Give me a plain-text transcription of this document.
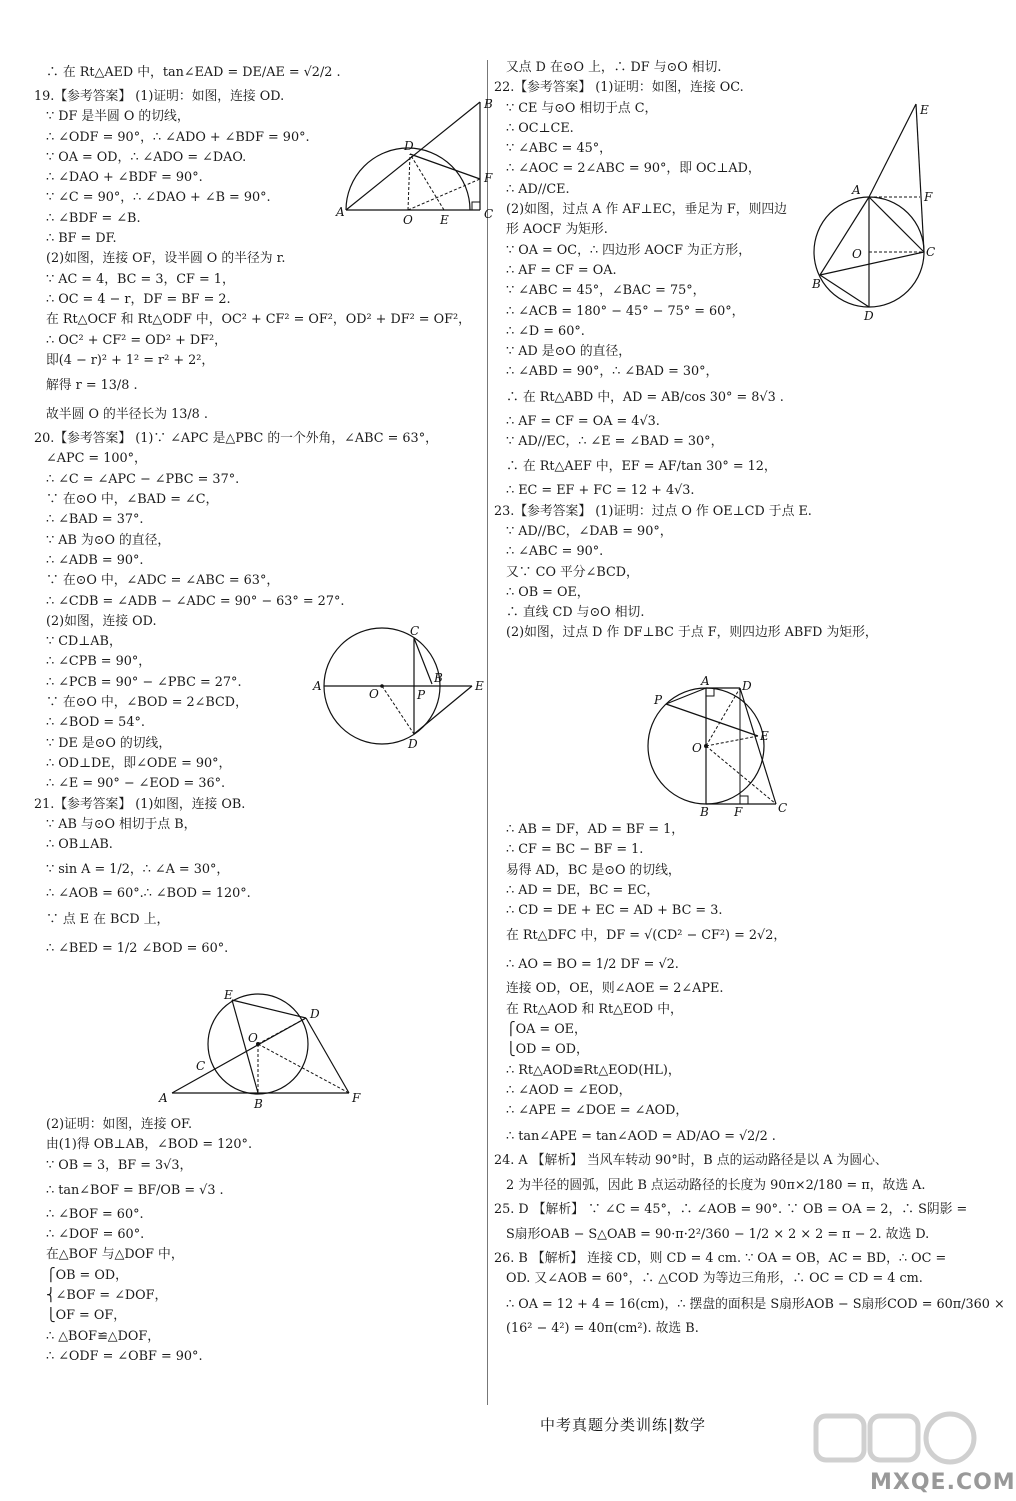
∴ 在 Rt△AED 中，tan∠EAD = DE/AE = √2/2 .
19.【参考答案】 (1)证明：如图，连接 OD.
∵ DF 是半圆 O 的切线，
∴ ∠ODF = 90°，∴ ∠ADO + ∠BDF = 90°.
∵ OA = OD，∴ ∠ADO = ∠DAO.
∴ ∠DAO + ∠BDF = 90°.
∵ ∠C = 90°，∴ ∠DAO + ∠B = 90°.
∴ ∠BDF = ∠B.
∴ BF = DF.
(2)如图，连接 OF，设半圆 O 的半径为 r.
∵ AC = 4，BC = 3，CF = 1，
∴ OC = 4 − r，DF = BF = 2.
在 Rt△OCF 和 Rt△ODF 中，OC² + CF² = OF²，OD² + DF² = OF²，
∴ OC² + CF² = OD² + DF²，
即(4 − r)² + 1² = r² + 2²，
解得 r = 13/8 .
故半圆 O 的半径长为 13/8 .
20.【参考答案】 (1)∵ ∠APC 是△PBC 的一个外角，∠ABC = 63°，
∠APC = 100°，
∴ ∠C = ∠APC − ∠PBC = 37°.
∵ 在⊙O 中，∠BAD = ∠C，
∴ ∠BAD = 37°.
∵ AB 为⊙O 的直径，
∴ ∠ADB = 90°.
∵ 在⊙O 中，∠ADC = ∠ABC = 63°，
∴ ∠CDB = ∠ADB − ∠ADC = 90° − 63° = 27°.
(2)如图，连接 OD.
∵ CD⊥AB，
∴ ∠CPB = 90°，
∴ ∠PCB = 90° − ∠PBC = 27°.
∵ 在⊙O 中，∠BOD = 2∠BCD，
∴ ∠BOD = 54°.
∵ DE 是⊙O 的切线，
∴ OD⊥DE，即∠ODE = 90°，
∴ ∠E = 90° − ∠EOD = 36°.
21.【参考答案】 (1)如图，连接 OB.
∵ AB 与⊙O 相切于点 B，
∴ OB⊥AB.
∵ sin A = 1/2，∴ ∠A = 30°，
∴ ∠AOB = 60°.∴ ∠BOD = 120°.
∵ 点 E 在 BCD 上，
∴ ∠BED = 1/2 ∠BOD = 60°.
A
B
C
D
E
F
O
A
B
C
D
E
O	P
A	B
C
D
E
F
O
(2)证明：如图，连接 OF.
由(1)得 OB⊥AB，∠BOD = 120°.
∵ OB = 3，BF = 3√3，
∴ tan∠BOF = BF/OB = √3 .
∴ ∠BOF = 60°.
∴ ∠DOF = 60°.
在△BOF 与△DOF 中，
⎧OB = OD，
⎨∠BOF = ∠DOF，
⎩OF = OF，
∴ △BOF≌△DOF，
∴ ∠ODF = ∠OBF = 90°.
又点 D 在⊙O 上，∴ DF 与⊙O 相切.
22.【参考答案】 (1)证明：如图，连接 OC.
∵ CE 与⊙O 相切于点 C，
∴ OC⊥CE.
∵ ∠ABC = 45°，
∴ ∠AOC = 2∠ABC = 90°，即 OC⊥AD，
∴ AD//CE.
(2)如图，过点 A 作 AF⊥EC，垂足为 F，则四边
形 AOCF 为矩形.
∵ OA = OC，∴ 四边形 AOCF 为正方形，
∴ AF = CF = OA.
∵ ∠ABC = 45°，∠BAC = 75°，
∴ ∠ACB = 180° − 45° − 75° = 60°，
∴ ∠D = 60°.
∵ AD 是⊙O 的直径，
∴ ∠ABD = 90°，∴ ∠BAD = 30°，
∴ 在 Rt△ABD 中，AD = AB/cos 30° = 8√3 .
∴ AF = CF = OA = 4√3.
∵ AD//EC，∴ ∠E = ∠BAD = 30°，
∴ 在 Rt△AEF 中，EF = AF/tan 30° = 12，
∴ EC = EF + FC = 12 + 4√3.
23.【参考答案】 (1)证明：过点 O 作 OE⊥CD 于点 E.
∵ AD//BC，∠DAB = 90°，
∴ ∠ABC = 90°.
又∵ CO 平分∠BCD，
∴ OB = OE，
∴ 直线 CD 与⊙O 相切.
(2)如图，过点 D 作 DF⊥BC 于点 F，则四边形 ABFD 为矩形，
E
A	F
O	C
B
D
A	D
P
E
O
B F	C
∴ AB = DF，AD = BF = 1，
∴ CF = BC − BF = 1.
易得 AD，BC 是⊙O 的切线，
∴ AD = DE，BC = EC，
∴ CD = DE + EC = AD + BC = 3.
在 Rt△DFC 中，DF = √(CD² − CF²) = 2√2，
∴ AO = BO = 1/2 DF = √2.
连接 OD，OE，则∠AOE = 2∠APE.
在 Rt△AOD 和 Rt△EOD 中，
⎧OA = OE，
⎩OD = OD，
∴ Rt△AOD≌Rt△EOD(HL)，
∴ ∠AOD = ∠EOD，
∴ ∠APE = ∠DOE = ∠AOD，
∴ tan∠APE = tan∠AOD = AD/AO = √2/2 .
24. A 【解析】 当风车转动 90°时，B 点的运动路径是以 A 为圆心、
2 为半径的圆弧，因此 B 点运动路径的长度为 90π×2/180 = π，故选 A.
25. D 【解析】 ∵ ∠C = 45°，∴ ∠AOB = 90°. ∵ OB = OA = 2，∴ S阴影 =
S扇形OAB − S△OAB = 90·π·2²/360 − 1/2 × 2 × 2 = π − 2. 故选 D.
26. B 【解析】 连接 CD，则 CD = 4 cm. ∵ OA = OB，AC = BD，∴ OC =
OD. 又∠AOB = 60°，∴ △COD 为等边三角形，∴ OC = CD = 4 cm.
∴ OA = 12 + 4 = 16(cm)，∴ 摆盘的面积是 S扇形AOB − S扇形COD = 60π/360 ×
(16² − 4²) = 40π(cm²). 故选 B.
中考真题分类训练|数学
MXQE.COM
